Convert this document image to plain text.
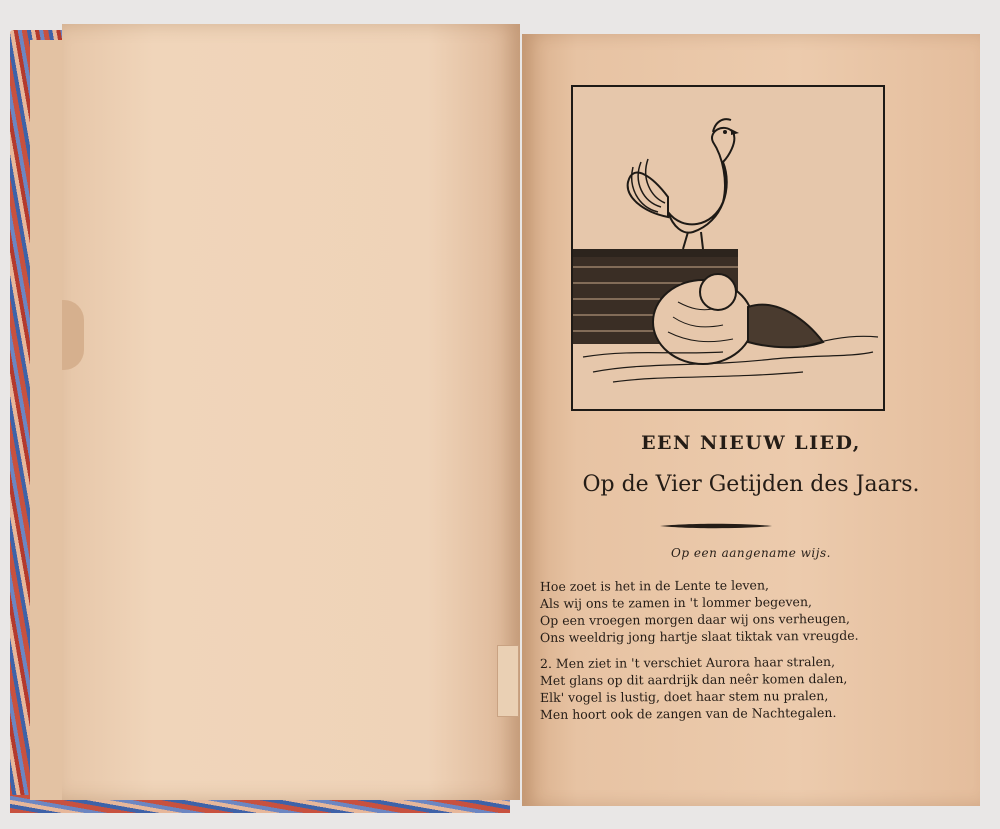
EEN NIEUW LIED,
Op de Vier Getijden des Jaars.
Op een aangename wijs.
Hoe zoet is het in de Lente te leven,
Als wij ons te zamen in 't lommer begeven,
Op een vroegen morgen daar wij ons verheugen,
Ons weeldrig jong hartje slaat tiktak van vreugde.
2. Men ziet in 't verschiet Aurora haar stralen,
Met glans op dit aardrijk dan neêr komen dalen,
Elk' vogel is lustig, doet haar stem nu pralen,
Men hoort ook de zangen van de Nachtegalen.
